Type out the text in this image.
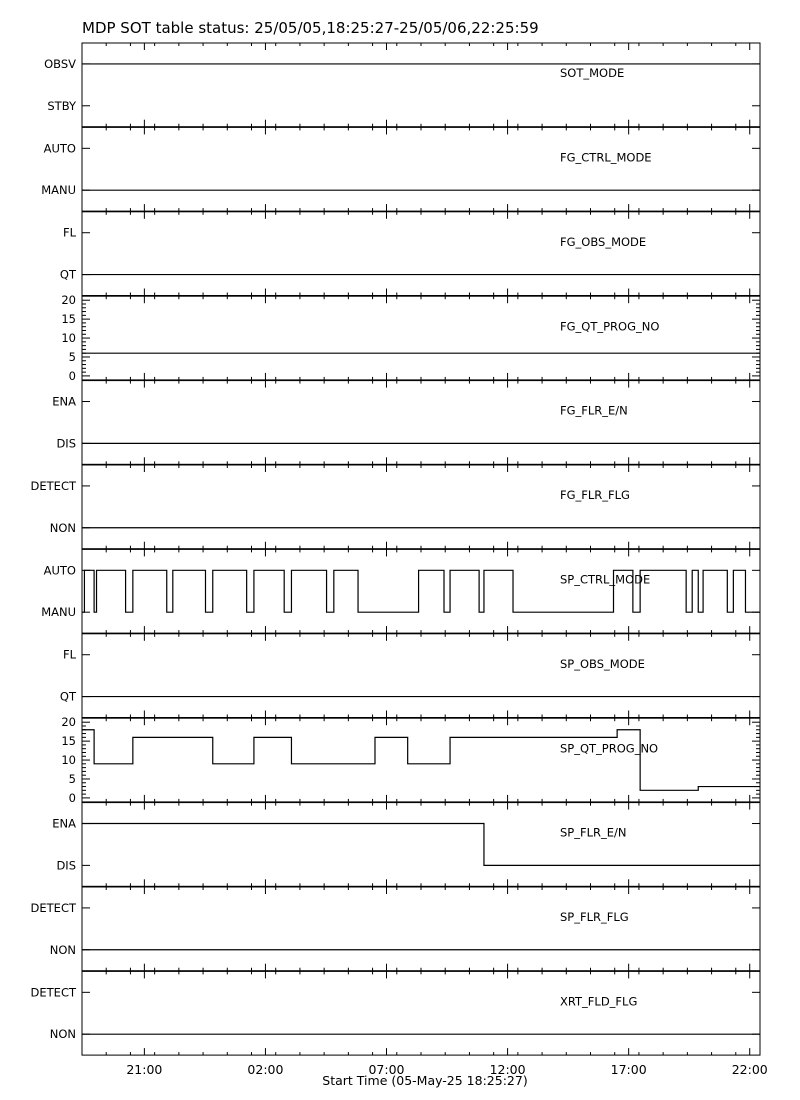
MDP SOT table status: 25/05/05,18:25:27-25/05/06,22:25:59
OBSV
STBY
SOT_MODE
AUTO
MANU
FG_CTRL_MODE
FL
QT
FG_OBS_MODE
0
5
10
15
20
FG_QT_PROG_NO
ENA
DIS
FG_FLR_E/N
DETECT
NON
FG_FLR_FLG
AUTO
MANU
SP_CTRL_MODE
FL
QT
SP_OBS_MODE
0
5
10
15
20
SP_QT_PROG_NO
ENA
DIS
SP_FLR_E/N
DETECT
NON
SP_FLR_FLG
DETECT
NON
XRT_FLD_FLG
21:00	02:00	07:00	12:00	17:00	22:00
Start Time (05-May-25 18:25:27)
